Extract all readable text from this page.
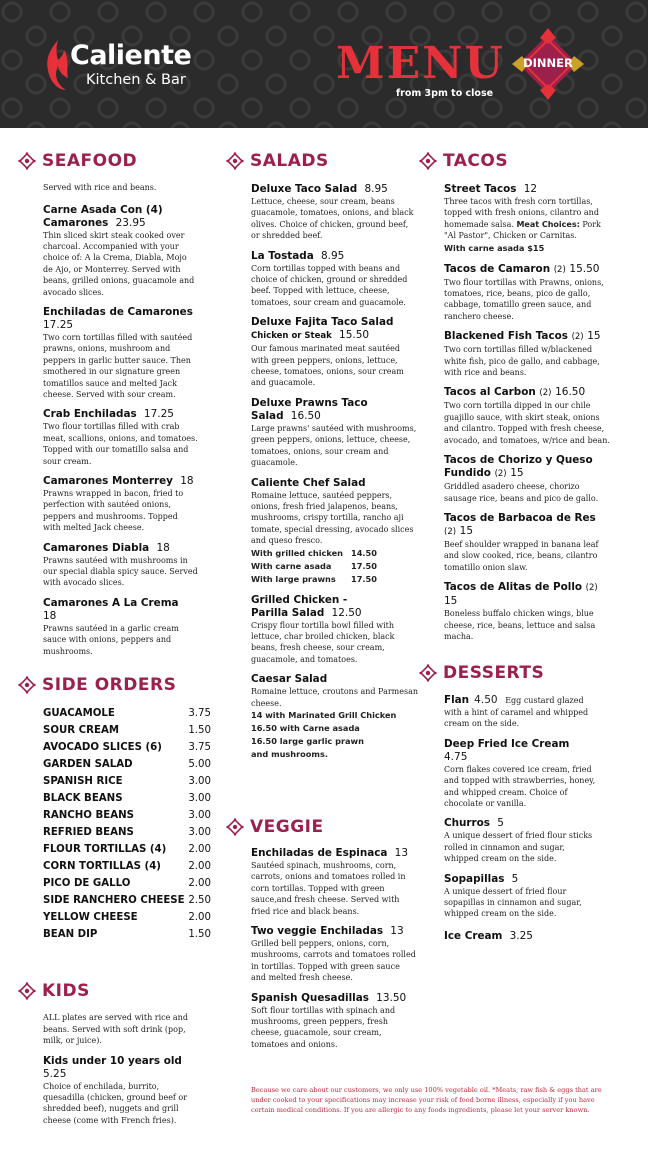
Caliente
Kitchen & Bar	MENU
from 3pm to close
DINNER
SEAFOOD
Served with rice and beans.
Carne Asada Con (4) Camarones 23.95
Thin sliced skirt steak cooked over charcoal. Accompanied with your choice of: A la Crema, Diabla, Mojo de Ajo, or Monterrey. Served with beans, grilled onions, guacamole and avocado slices.
Enchiladas de Camarones  17.25
Two corn tortillas filled with sautéed prawns, onions, mushroom and peppers in garlic butter sauce. Then smothered in our signature green tomatillos sauce and melted Jack cheese. Served with sour cream.
Crab Enchiladas 17.25
Two flour tortillas filled with crab meat, scallions, onions, and tomatoes. Topped with our tomatillo salsa and sour cream.
Camarones Monterrey 18
Prawns wrapped in bacon, fried to perfection with sautéed onions, peppers and mushrooms. Topped with melted Jack cheese.
Camarones Diabla 18
Prawns sautéed with mushrooms in our special diabla spicy sauce. Served with avocado slices.
Camarones A La Crema  18
Prawns sautéed in a garlic cream sauce with onions, peppers and mushrooms.
SIDE ORDERS
GUACAMOLE	3.75
SOUR CREAM	1.50
AVOCADO SLICES (6)	3.75
GARDEN SALAD	5.00
SPANISH RICE	3.00
BLACK BEANS	3.00
RANCHO BEANS	3.00
REFRIED BEANS	3.00
FLOUR TORTILLAS (4) 2.00
CORN TORTILLAS (4)	2.00
PICO DE GALLO	2.00
SIDE RANCHERO CHEESE 2.50
YELLOW CHEESE	2.00
BEAN DIP	1.50
KIDS
ALL plates are served with rice and beans. Served with soft drink (pop, milk, or juice).
Kids under 10 years old  5.25
Choice of enchilada, burrito, quesadilla (chicken, ground beef or shredded beef), nuggets and grill cheese (come with French fries).
SALADS
Deluxe Taco Salad 8.95
Lettuce, cheese, sour cream, beans guacamole, tomatoes, onions, and black olives. Choice of chicken, ground beef, or shredded beef.
La Tostada 8.95
Corn tortillas topped with beans and choice of chicken, ground or shredded beef. Topped with lettuce, cheese, tomatoes, sour cream and guacamole.
Deluxe Fajita Taco Salad
Chicken or Steak 15.50
Our famous marinated meat sautéed with green peppers, onions, lettuce, cheese, tomatoes, onions, sour cream and guacamole.
Deluxe Prawns Taco Salad 16.50
Large prawns' sautéed with mushrooms, green peppers, onions, lettuce, cheese, tomatoes, onions, sour cream and guacamole.
Caliente Chef Salad
Romaine lettuce, sautéed peppers, onions, fresh fried jalapenos, beans, mushrooms, crispy tortilla, rancho aji tomate, special dressing, avocado slices and queso fresco.
With grilled chicken 14.50
With carne asada	17.50
With large prawns	17.50
Grilled Chicken - Parilla Salad 12.50
Crispy flour tortilla bowl filled with lettuce, char broiled chicken, black beans, fresh cheese, sour cream, guacamole, and tomatoes.
Caesar Salad
Romaine lettuce, croutons and Parmesan cheese.
14 with Marinated Grill Chicken
16.50 with Carne asada
16.50 large garlic prawn
and mushrooms.
VEGGIE
Enchiladas de Espinaca 13
Sautéed spinach, mushrooms, corn, carrots, onions and tomatoes rolled in corn tortillas. Topped with green sauce,and fresh cheese. Served with fried rice and black beans.
Two veggie Enchiladas 13
Grilled bell peppers, onions, corn, mushrooms, carrots and tomatoes rolled in tortillas. Topped with green sauce and melted fresh cheese.
Spanish Quesadillas 13.50
Soft flour tortillas with spinach and mushrooms, green peppers, fresh cheese, guacamole, sour cream, tomatoes and onions.
TACOS
Street Tacos 12
Three tacos with fresh corn tortillas, topped with fresh onions, cilantro and homemade salsa. Meat Choices: Pork "Al Pastor", Chicken or Carnitas.
With carne asada $15
Tacos de Camaron (2) 15.50
Two flour tortillas with Prawns, onions, tomatoes, rice, beans, pico de gallo, cabbage, tomatillo green sauce, and ranchero cheese.
Blackened Fish Tacos (2) 15
Two corn tortillas filled w/blackened white fish, pico de gallo, and cabbage, with rice and beans.
Tacos al Carbon (2) 16.50
Two corn tortilla dipped in our chile guajillo sauce, with skirt steak, onions and cilantro. Topped with fresh cheese, avocado, and tomatoes, w/rice and bean.
Tacos de Chorizo y Queso Fundido (2) 15
Griddled asadero cheese, chorizo sausage rice, beans and pico de gallo.
Tacos de Barbacoa de Res (2) 15
Beef shoulder wrapped in banana leaf and slow cooked, rice, beans, cilantro tomatillo onion slaw.
Tacos de Alitas de Pollo (2) 15
Boneless buffalo chicken wings, blue cheese, rice, beans, lettuce and salsa macha.
DESSERTS
Flan 4.50 Egg custard glazed with a hint of caramel and whipped cream on the side.
Deep Fried Ice Cream  4.75
Corn flakes covered ice cream, fried and topped with strawberries, honey, and whipped cream. Choice of chocolate or vanilla.
Churros 5
A unique dessert of fried flour sticks rolled in cinnamon and sugar, whipped cream on the side.
Sopapillas 5
A unique dessert of fried flour sopapillas in cinnamon and sugar, whipped cream on the side.
Ice Cream 3.25
Because we care about our customers, we only use 100% vegetable oil. *Meats, raw fish & eggs that are under cooked to your specifications may increase your risk of food borne illness, especially if you have certain medical conditions. If you are allergic to any foods ingredients, please let your server known.
